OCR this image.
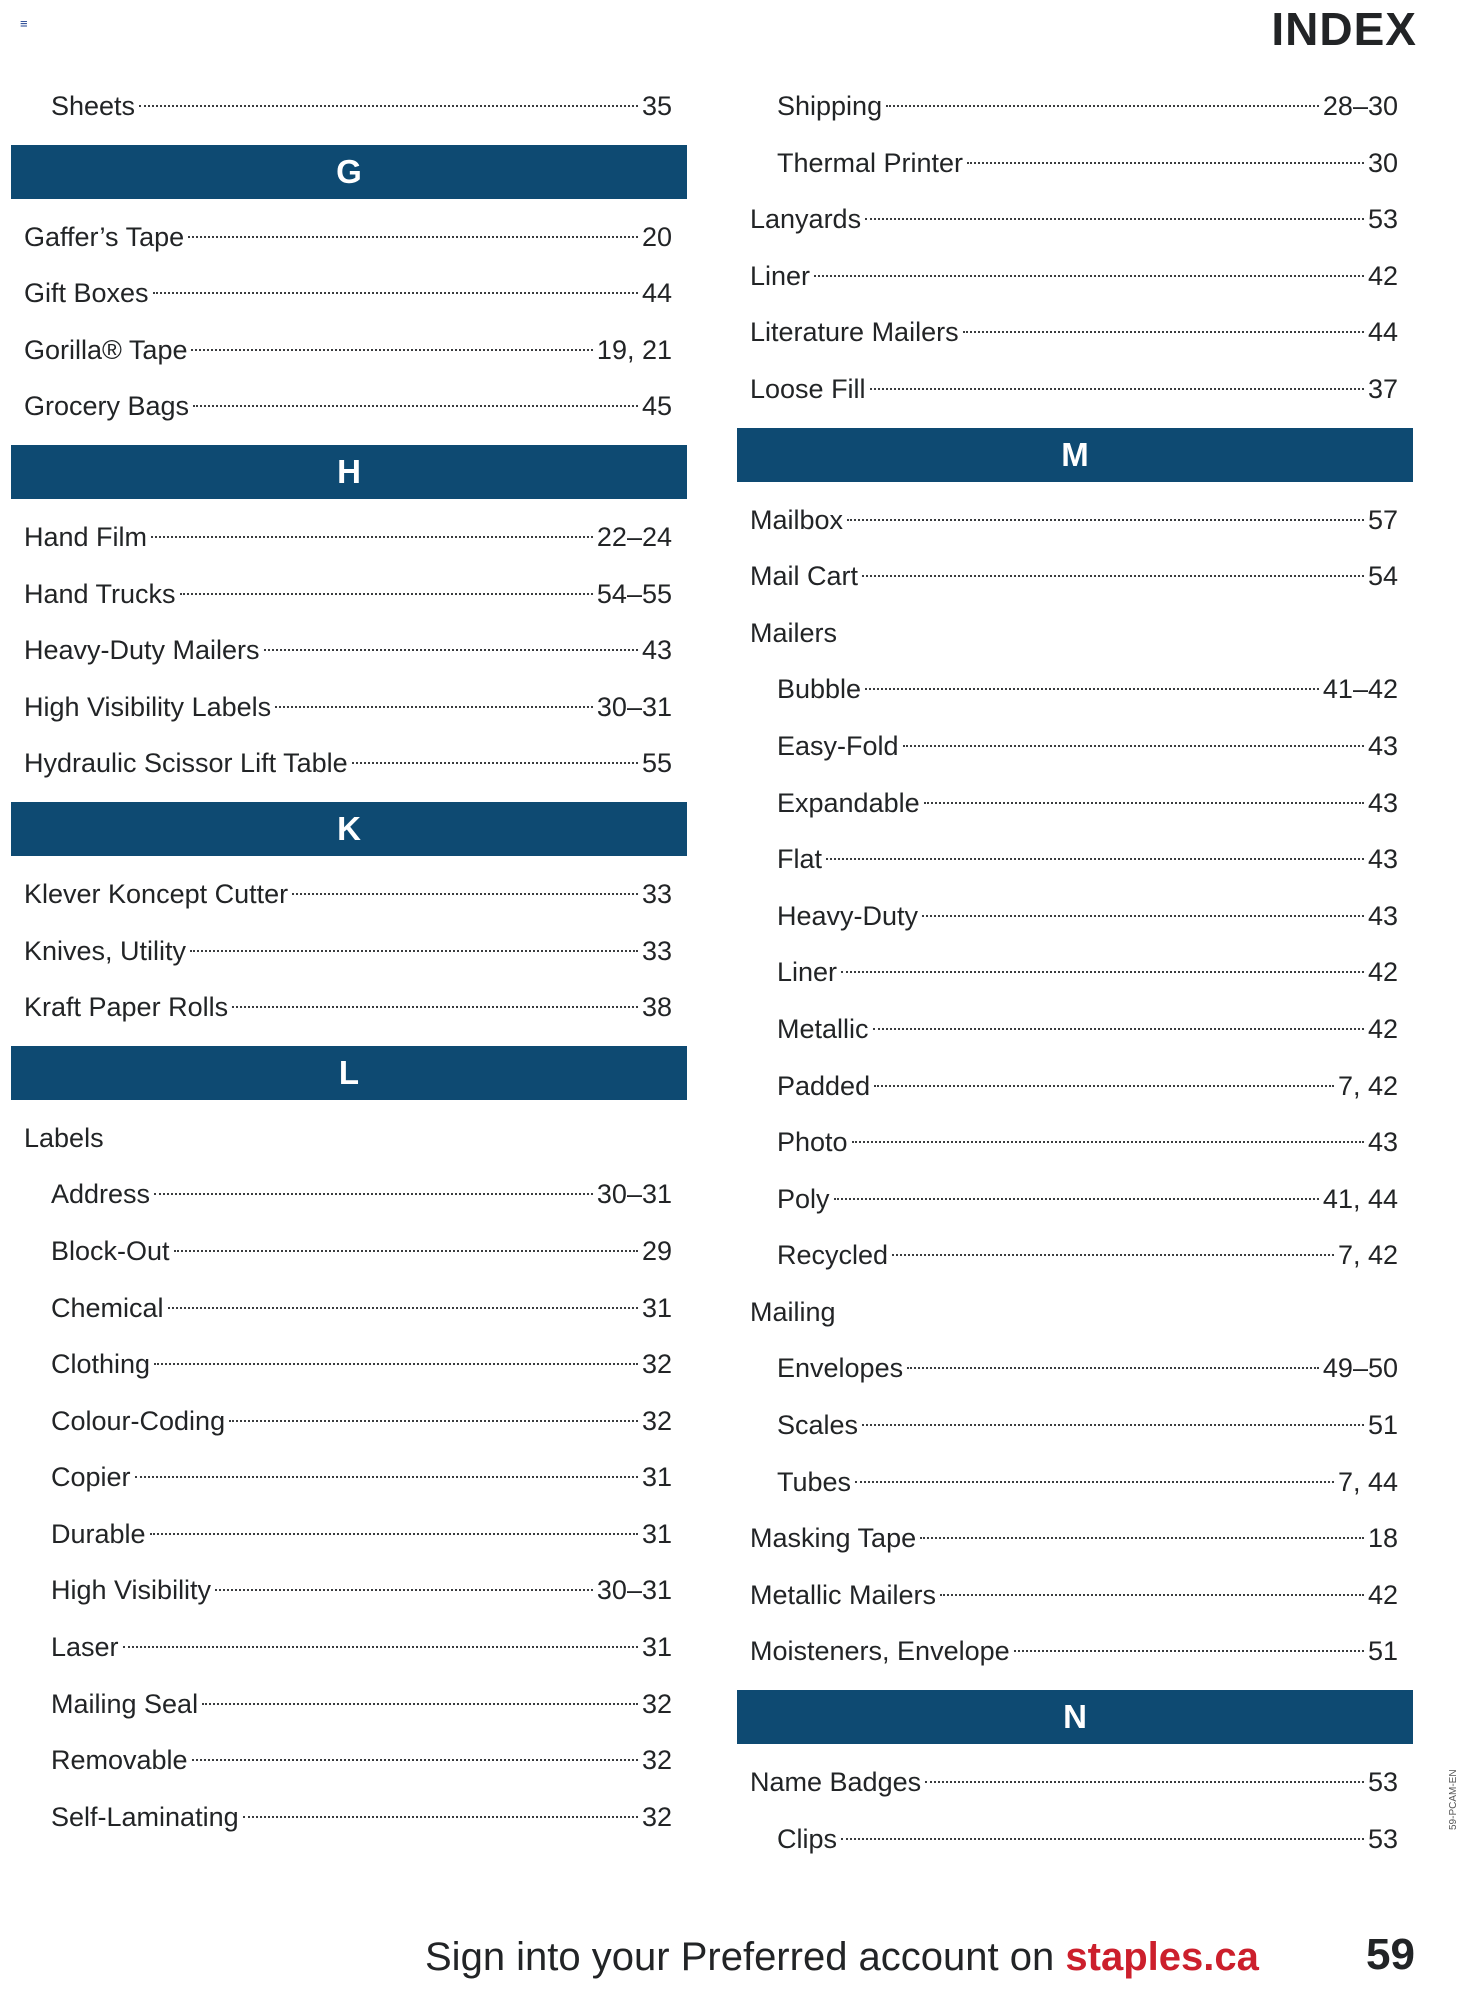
≡	INDEX
Sheets	35
G
Gaffer’s Tape	20
Gift Boxes	44
Gorilla® Tape	19, 21
Grocery Bags	45
H
Hand Film	22–24
Hand Trucks	54–55
Heavy-Duty Mailers	43
High Visibility Labels	30–31
Hydraulic Scissor Lift Table	55
K
Klever Koncept Cutter	33
Knives, Utility	33
Kraft Paper Rolls	38
L
Labels
Address	30–31
Block-Out	29
Chemical	31
Clothing	32
Colour-Coding	32
Copier	31
Durable	31
High Visibility	30–31
Laser	31
Mailing Seal	32
Removable	32
Self-Laminating	32
Shipping	28–30
Thermal Printer	30
Lanyards	53
Liner	42
Literature Mailers	44
Loose Fill	37
M
Mailbox	57
Mail Cart	54
Mailers
Bubble	41–42
Easy-Fold	43
Expandable	43
Flat	43
Heavy-Duty	43
Liner	42
Metallic	42
Padded	7, 42
Photo	43
Poly	41, 44
Recycled	7, 42
Mailing
Envelopes	49–50
Scales	51
Tubes	7, 44
Masking Tape	18
Metallic Mailers	42
Moisteners, Envelope	51
N
Name Badges	53
Clips	53
59-PCAM-EN
Sign into your Preferred account on staples.ca 59
